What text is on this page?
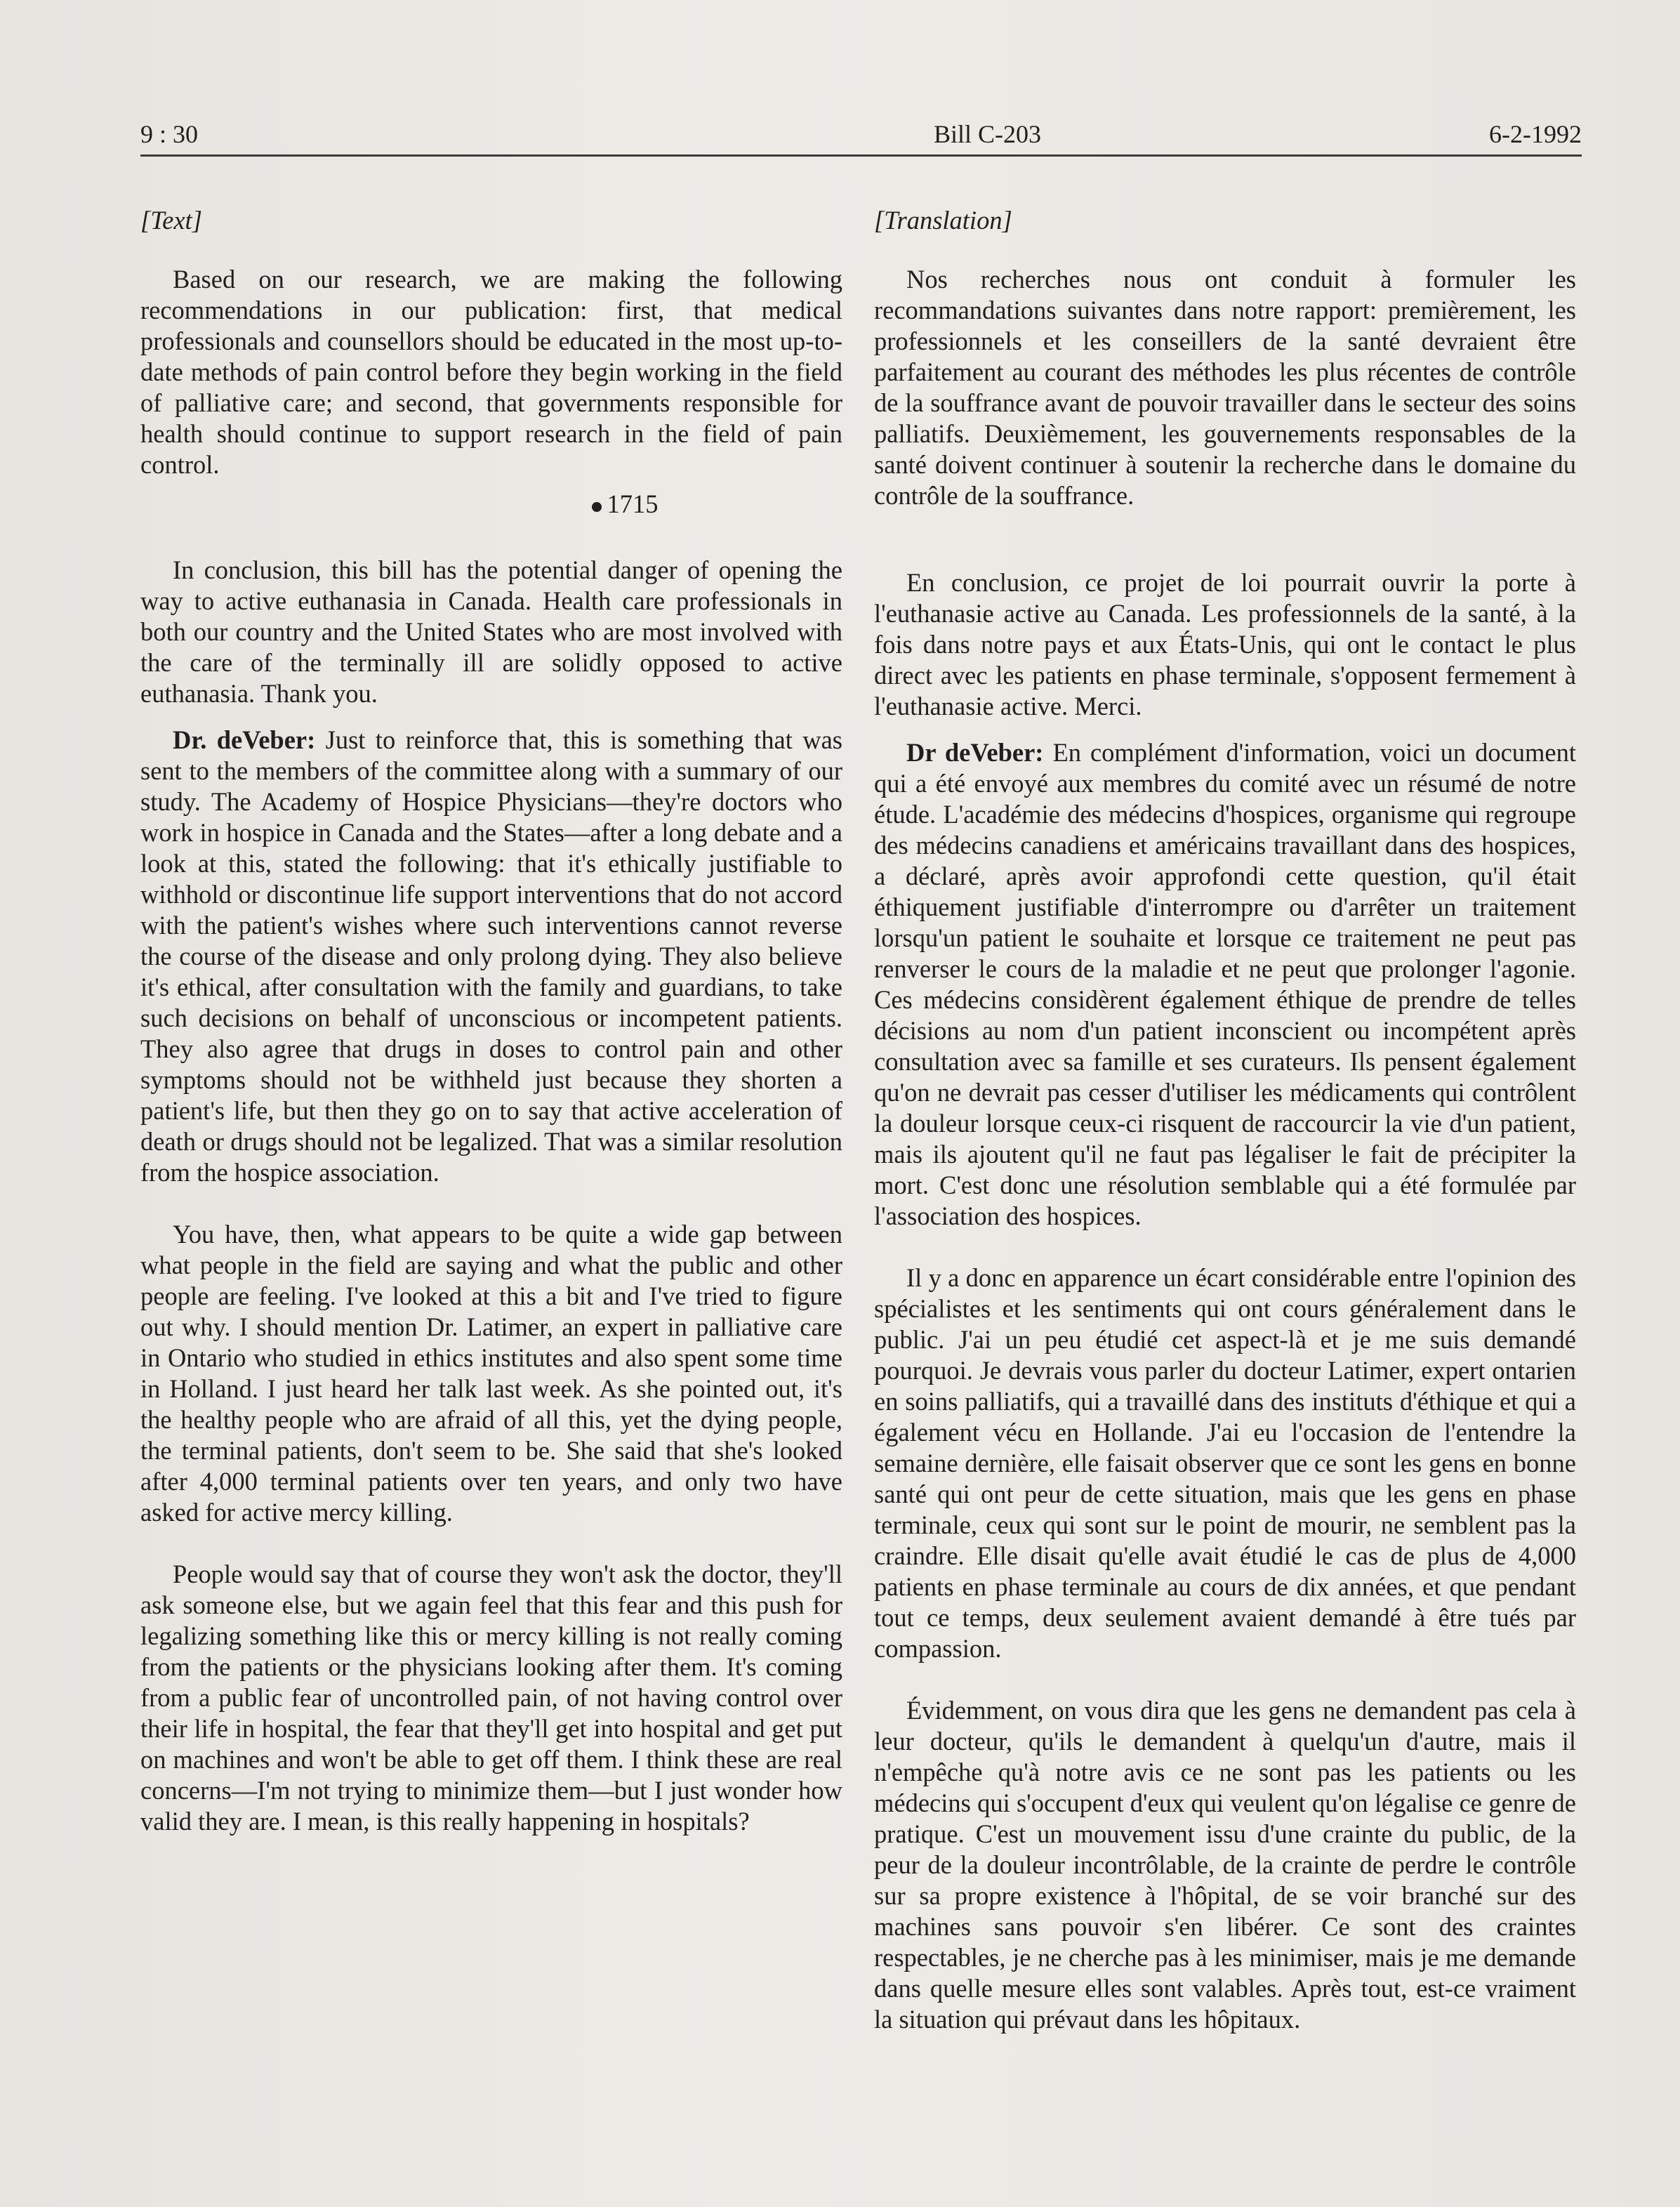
9 : 30	Bill C-203	6-2-1992
[Text]

Based on our research, we are making the following recommendations in our publication: first, that medical professionals and counsellors should be educated in the most up-to-date methods of pain control before they begin working in the field of palliative care; and second, that governments responsible for health should continue to support research in the field of pain control.

1715

In conclusion, this bill has the potential danger of opening the way to active euthanasia in Canada. Health care professionals in both our country and the United States who are most involved with the care of the terminally ill are solidly opposed to active euthanasia. Thank you.

Dr. deVeber: Just to reinforce that, this is something that was sent to the members of the committee along with a summary of our study. The Academy of Hospice Physicians—they're doctors who work in hospice in Canada and the States—after a long debate and a look at this, stated the following: that it's ethically justifiable to withhold or discontinue life support interventions that do not accord with the patient's wishes where such interventions cannot reverse the course of the disease and only prolong dying. They also believe it's ethical, after consultation with the family and guardians, to take such decisions on behalf of unconscious or incompetent patients. They also agree that drugs in doses to control pain and other symptoms should not be withheld just because they shorten a patient's life, but then they go on to say that active acceleration of death or drugs should not be legalized. That was a similar resolution from the hospice association.

You have, then, what appears to be quite a wide gap between what people in the field are saying and what the public and other people are feeling. I've looked at this a bit and I've tried to figure out why. I should mention Dr. Latimer, an expert in palliative care in Ontario who studied in ethics institutes and also spent some time in Holland. I just heard her talk last week. As she pointed out, it's the healthy people who are afraid of all this, yet the dying people, the terminal patients, don't seem to be. She said that she's looked after 4,000 terminal patients over ten years, and only two have asked for active mercy killing.

People would say that of course they won't ask the doctor, they'll ask someone else, but we again feel that this fear and this push for legalizing something like this or mercy killing is not really coming from the patients or the physicians looking after them. It's coming from a public fear of uncontrolled pain, of not having control over their life in hospital, the fear that they'll get into hospital and get put on machines and won't be able to get off them. I think these are real concerns—I'm not trying to minimize them—but I just wonder how valid they are. I mean, is this really happening in hospitals?

[Translation]

Nos recherches nous ont conduit à formuler les recommandations suivantes dans notre rapport: premièrement, les professionnels et les conseillers de la santé devraient être parfaitement au courant des méthodes les plus récentes de contrôle de la souffrance avant de pouvoir travailler dans le secteur des soins palliatifs. Deuxièmement, les gouvernements responsables de la santé doivent continuer à soutenir la recherche dans le domaine du contrôle de la souffrance.

En conclusion, ce projet de loi pourrait ouvrir la porte à l'euthanasie active au Canada. Les professionnels de la santé, à la fois dans notre pays et aux États-Unis, qui ont le contact le plus direct avec les patients en phase terminale, s'opposent fermement à l'euthanasie active. Merci.

Dr deVeber: En complément d'information, voici un document qui a été envoyé aux membres du comité avec un résumé de notre étude. L'académie des médecins d'hospices, organisme qui regroupe des médecins canadiens et américains travaillant dans des hospices, a déclaré, après avoir approfondi cette question, qu'il était éthiquement justifiable d'interrompre ou d'arrêter un traitement lorsqu'un patient le souhaite et lorsque ce traitement ne peut pas renverser le cours de la maladie et ne peut que prolonger l'agonie. Ces médecins considèrent également éthique de prendre de telles décisions au nom d'un patient inconscient ou incompétent après consultation avec sa famille et ses curateurs. Ils pensent également qu'on ne devrait pas cesser d'utiliser les médicaments qui contrôlent la douleur lorsque ceux-ci risquent de raccourcir la vie d'un patient, mais ils ajoutent qu'il ne faut pas légaliser le fait de précipiter la mort. C'est donc une résolution semblable qui a été formulée par l'association des hospices.

Il y a donc en apparence un écart considérable entre l'opinion des spécialistes et les sentiments qui ont cours généralement dans le public. J'ai un peu étudié cet aspect-là et je me suis demandé pourquoi. Je devrais vous parler du docteur Latimer, expert ontarien en soins palliatifs, qui a travaillé dans des instituts d'éthique et qui a également vécu en Hollande. J'ai eu l'occasion de l'entendre la semaine dernière, elle faisait observer que ce sont les gens en bonne santé qui ont peur de cette situation, mais que les gens en phase terminale, ceux qui sont sur le point de mourir, ne semblent pas la craindre. Elle disait qu'elle avait étudié le cas de plus de 4,000 patients en phase terminale au cours de dix années, et que pendant tout ce temps, deux seulement avaient demandé à être tués par compassion.

Évidemment, on vous dira que les gens ne demandent pas cela à leur docteur, qu'ils le demandent à quelqu'un d'autre, mais il n'empêche qu'à notre avis ce ne sont pas les patients ou les médecins qui s'occupent d'eux qui veulent qu'on légalise ce genre de pratique. C'est un mouvement issu d'une crainte du public, de la peur de la douleur incontrôlable, de la crainte de perdre le contrôle sur sa propre existence à l'hôpital, de se voir branché sur des machines sans pouvoir s'en libérer. Ce sont des craintes respectables, je ne cherche pas à les minimiser, mais je me demande dans quelle mesure elles sont valables. Après tout, est-ce vraiment la situation qui prévaut dans les hôpitaux.
